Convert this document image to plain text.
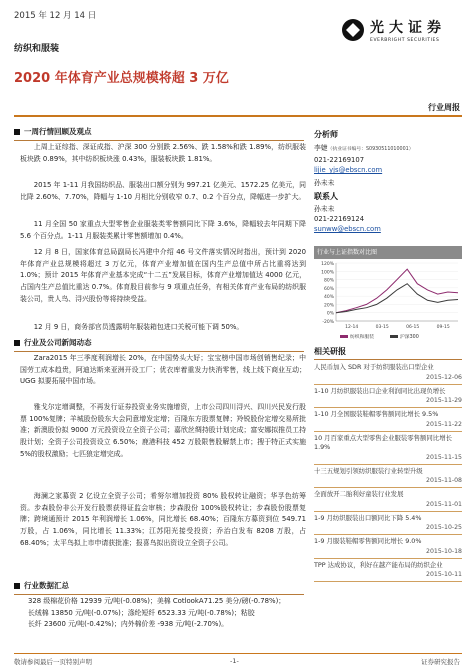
2015 年 12 月 14 日
纺织和服装
光大证券
EVERBRIGHT SECURITIES
2020 年体育产业总规模将超 3 万亿
行业周报
一周行情回顾及观点
上周上证综指、深证成指、沪深 300 分别跌 2.56%、跌 1.58%和跌 1.89%，纺织服装板块跌 0.89%，其中纺织板块涨 0.43%，服装板块跌 1.81%。
2015 年 1-11 月我国纺织品、服装出口额分别为 997.21 亿美元、1572.25 亿美元，同比降 2.60%、7.70%，降幅与 1-10 月相比分别收窄 0.7、0.2 个百分点，降幅进一步扩大。
11 月全国 50 家重点大型零售企业服装类零售额同比下降 3.6%，降幅较去年同期下降 5.6 个百分点。1-11 月服装类累计零售额增加 0.4%。
12 月 8 日，国家体育总局副局长冯建中介绍 46 号文件落实情况时指出，预计到 2020 年体育产业总规模将超过 3 万亿元，体育产业增加值在国内生产总值中所占比重将达到 1.0%；预计 2015 年体育产业基本完成“十二五”发展目标，体育产业增加值达 4000 亿元，占国内生产总值比重达 0.7%。体育股目前参与 9 项重点任务，有相关体育产业布局的纺织服装公司，贵人鸟、浔兴股份等将持续受益。
12 月 9 日，商务部官员透露明年服装箱包进口关税可能下调 50%。
行业及公司新闻动态
Zara2015 年三季度利润增长 20%，在中国势头大好；宝宝榜中国市场创销售纪录；中国劳工成本趋贵，阿迪达斯来亚洲开设工厂；优衣库着重发力快消零售，线上线下商业互动；UGG 拟要拓展中国市场。
雅戈尔定增调整，不再发行证券投资业务实施增资，上市公司四川浔兴、四川兴民发行股票 100%复牌；羊城股份股东大会同意增发定增；百隆东方股票复牌；羚锐股份定增交易所批准；新澳股份拟 9000 万元投资设立全资子公司；嘉欣丝绸持股计划完成；富安娜拟推员工持股计划；全资子公司投资设立 6.50%；鹿港科技 452 万股限售股解禁上市；搜于特正式实施 5%的股权激励；七匹狼定增完成。
海澜之家募资 2 亿设立全资子公司；希努尔增加投资 80% 股权转让融资；华孚色纺筹资。步森股份非公开发行股票获得证监会审核；步森股份 100%股权转让；步森股份股票复牌；跨境通预计 2015 年利润增长 1.06%，同比增长 68.40%；百隆东方募资到位 549.71 万股，占 1.06%，同比增长 11.33%；江苏阳光接受投资；乔治白发布 8208 万股，占 68.40%；太平鸟拟上市申请获批准；报喜鸟拟出资设立全资子公司。
行业数据汇总
328 级棉花价格 12939 元/吨(-0.08%)；美棉 CotlookA71.25 美分/磅(-0.78%)；
长绒棉 13850 元/吨(-0.07%)；涤纶短纤 6523.33 元/吨(-0.78%)；粘胶
长纤 23600 元/吨(-0.42%)；内外棉价差 -938 元/吨(-2.70%)。
分析师
李婕（执业证书编号：S0930511010001）
021-22169107
lijie_yjs@ebscn.com
孙未未
联系人
孙未未
021-22169124
sunww@ebscn.com
行业与上证指数对比图
120%
100%
80%
60%
40%
20%
0%
-20%
12-14	03-15	06-15	09-15
纺织和服装	沪深300
相关研报
人民币加入 SDR 对于纺织服装出口型企业
2015-12-06
1-10 月纺织服装出口企业利润同比出现负增长
2015-11-29
1-10 月全国服装鞋帽零售额同比增长 9.5%
2015-11-22
10 月百家重点大型零售企业服装零售额同比增长 1.9%
2015-11-15
十三五规划引领纺织服装行业转型升级
2015-11-08
全面放开二胎利好童装行业发展
2015-11-01
1-9 月纺织服装出口额同比下降 5.4%
2015-10-25
1-9 月服装鞋帽零售额同比增长 9.0%
2015-10-18
TPP 达成协议，利好在越产能布局的纺织企业
2015-10-11
敬请参阅最后一页特别声明	-1-	证券研究报告
